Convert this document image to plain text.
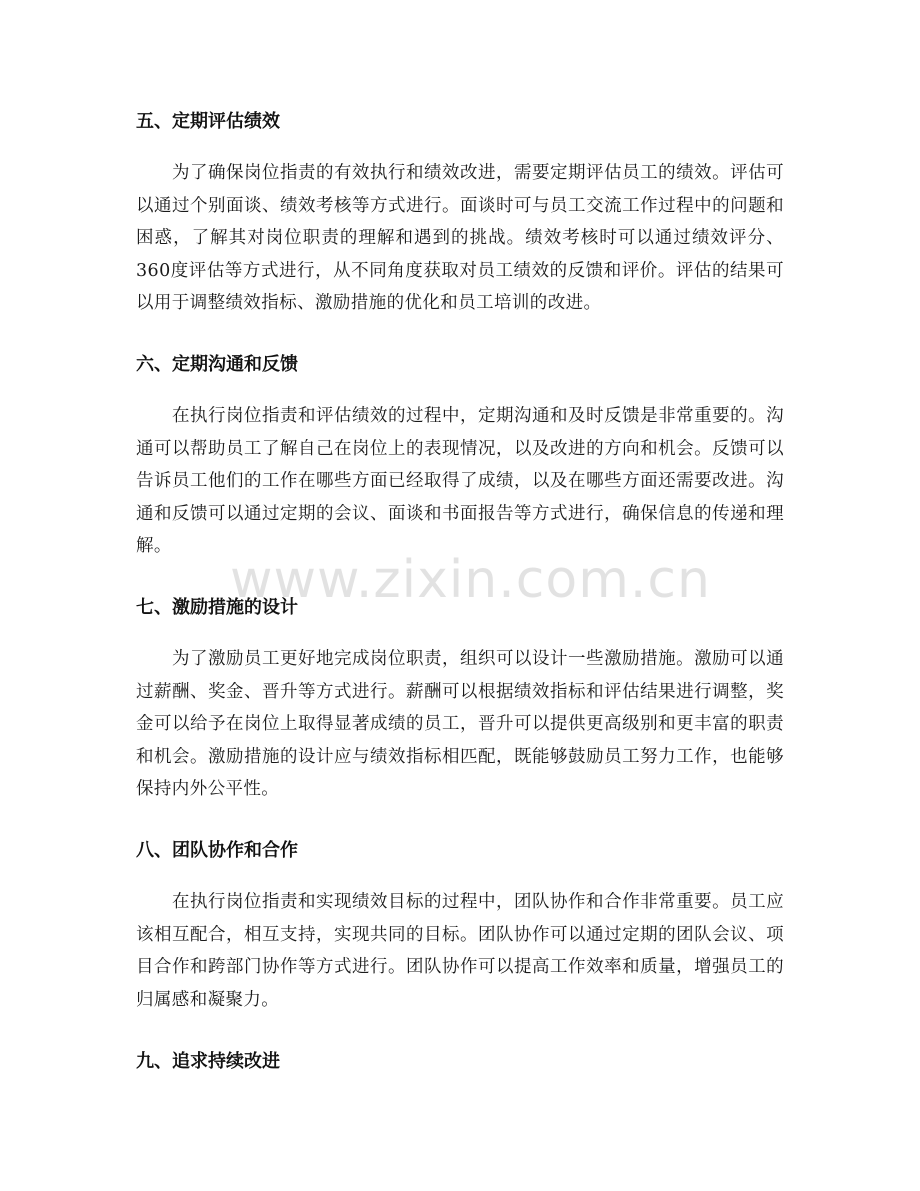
五、定期评估绩效
为了确保岗位指责的有效执行和绩效改进，需要定期评估员工的绩效。评估可以通过个别面谈、绩效考核等方式进行。面谈时可与员工交流工作过程中的问题和困惑，了解其对岗位职责的理解和遇到的挑战。绩效考核时可以通过绩效评分、360度评估等方式进行，从不同角度获取对员工绩效的反馈和评价。评估的结果可以用于调整绩效指标、激励措施的优化和员工培训的改进。
六、定期沟通和反馈
在执行岗位指责和评估绩效的过程中，定期沟通和及时反馈是非常重要的。沟通可以帮助员工了解自己在岗位上的表现情况，以及改进的方向和机会。反馈可以告诉员工他们的工作在哪些方面已经取得了成绩，以及在哪些方面还需要改进。沟通和反馈可以通过定期的会议、面谈和书面报告等方式进行，确保信息的传递和理解。
七、激励措施的设计
为了激励员工更好地完成岗位职责，组织可以设计一些激励措施。激励可以通过薪酬、奖金、晋升等方式进行。薪酬可以根据绩效指标和评估结果进行调整，奖金可以给予在岗位上取得显著成绩的员工，晋升可以提供更高级别和更丰富的职责和机会。激励措施的设计应与绩效指标相匹配，既能够鼓励员工努力工作，也能够保持内外公平性。
八、团队协作和合作
在执行岗位指责和实现绩效目标的过程中，团队协作和合作非常重要。员工应该相互配合，相互支持，实现共同的目标。团队协作可以通过定期的团队会议、项目合作和跨部门协作等方式进行。团队协作可以提高工作效率和质量，增强员工的归属感和凝聚力。
九、追求持续改进
www.zixin.com.cn
